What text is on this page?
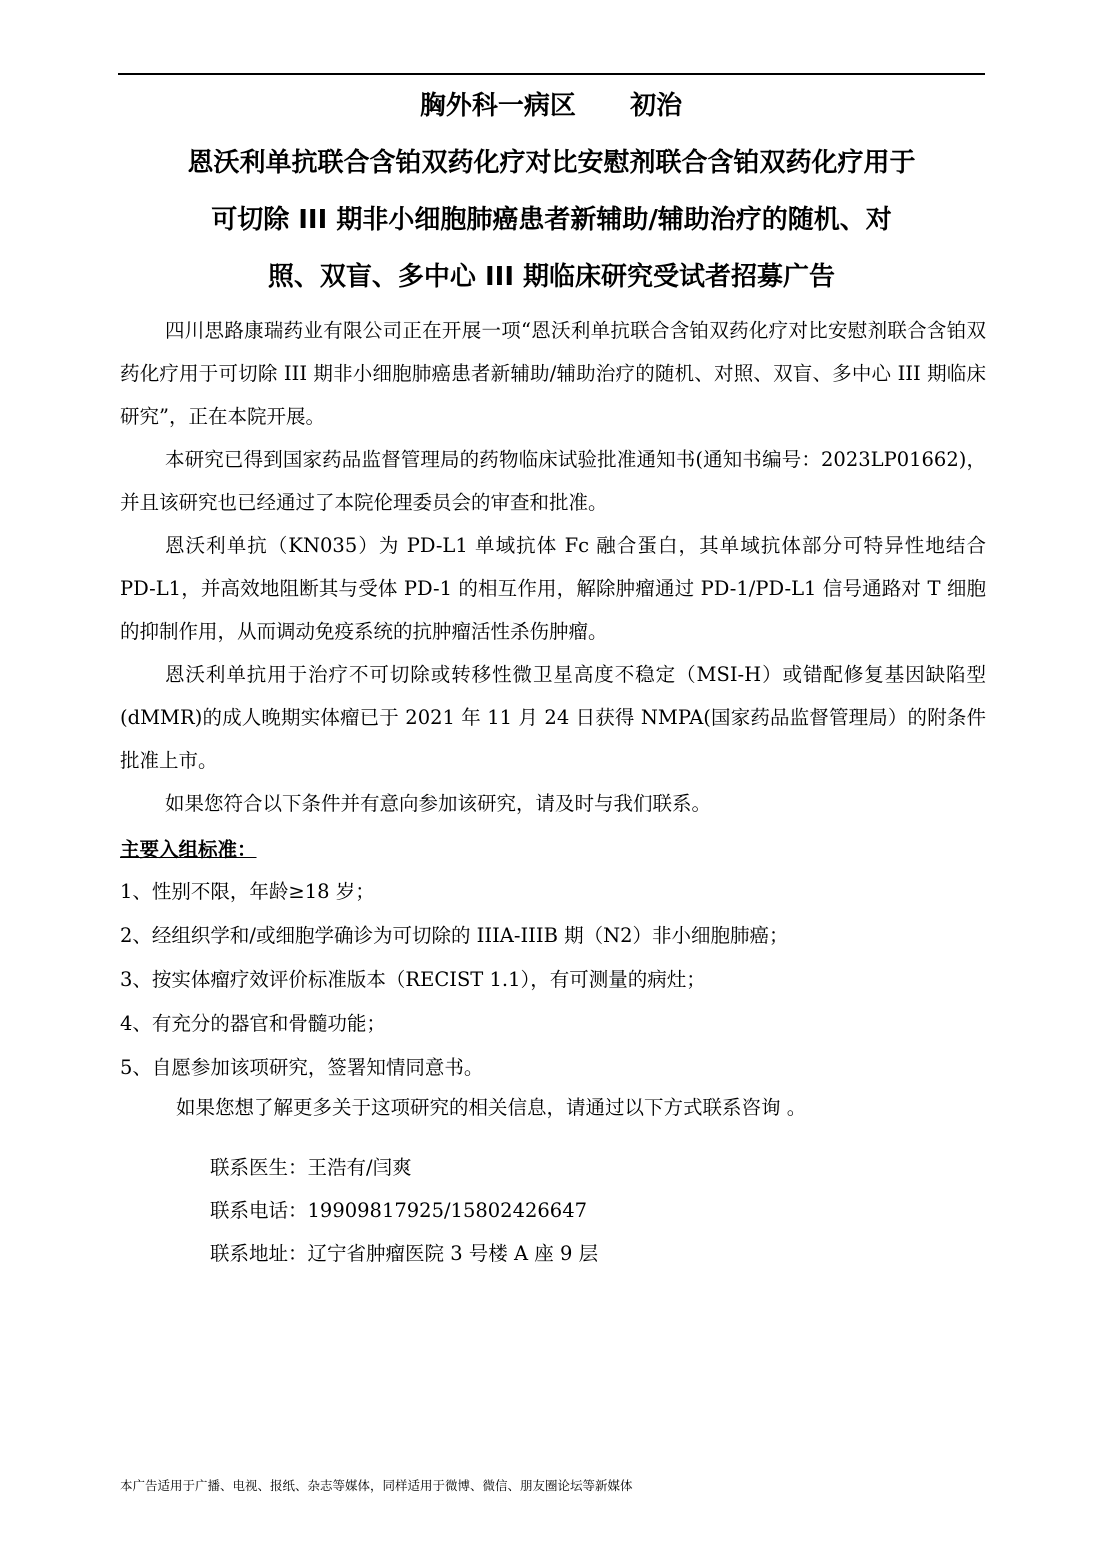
胸外科一病区 初治
恩沃利单抗联合含铂双药化疗对比安慰剂联合含铂双药化疗用于
可切除 III 期非小细胞肺癌患者新辅助/辅助治疗的随机、对
照、双盲、多中心 III 期临床研究受试者招募广告

四川思路康瑞药业有限公司正在开展一项“恩沃利单抗联合含铂双药化疗对比安慰剂联合含铂双药化疗用于可切除 III 期非小细胞肺癌患者新辅助/辅助治疗的随机、对照、双盲、多中心 III 期临床研究”，正在本院开展。

本研究已得到国家药品监督管理局的药物临床试验批准通知书(通知书编号：2023LP01662)，并且该研究也已经通过了本院伦理委员会的审查和批准。

恩沃利单抗（KN035）为 PD-L1 单域抗体 Fc 融合蛋白，其单域抗体部分可特异性地结合 PD-L1，并高效地阻断其与受体 PD-1 的相互作用，解除肿瘤通过 PD-1/PD-L1 信号通路对 T 细胞的抑制作用，从而调动免疫系统的抗肿瘤活性杀伤肿瘤。

恩沃利单抗用于治疗不可切除或转移性微卫星高度不稳定（MSI-H）或错配修复基因缺陷型(dMMR)的成人晚期实体瘤已于 2021 年 11 月 24 日获得 NMPA(国家药品监督管理局）的附条件批准上市。

如果您符合以下条件并有意向参加该研究，请及时与我们联系。

主要入组标准：
1、性别不限，年龄≥18 岁；
2、经组织学和/或细胞学确诊为可切除的 IIIA-IIIB 期（N2）非小细胞肺癌；
3、按实体瘤疗效评价标准版本（RECIST 1.1），有可测量的病灶；
4、有充分的器官和骨髓功能；
5、自愿参加该项研究，签署知情同意书。
如果您想了解更多关于这项研究的相关信息，请通过以下方式联系咨询 。
联系医生：王浩有/闫爽
联系电话：19909817925/15802426647
联系地址：辽宁省肿瘤医院 3 号楼 A 座 9 层
本广告适用于广播、电视、报纸、杂志等媒体，同样适用于微博、微信、朋友圈论坛等新媒体
